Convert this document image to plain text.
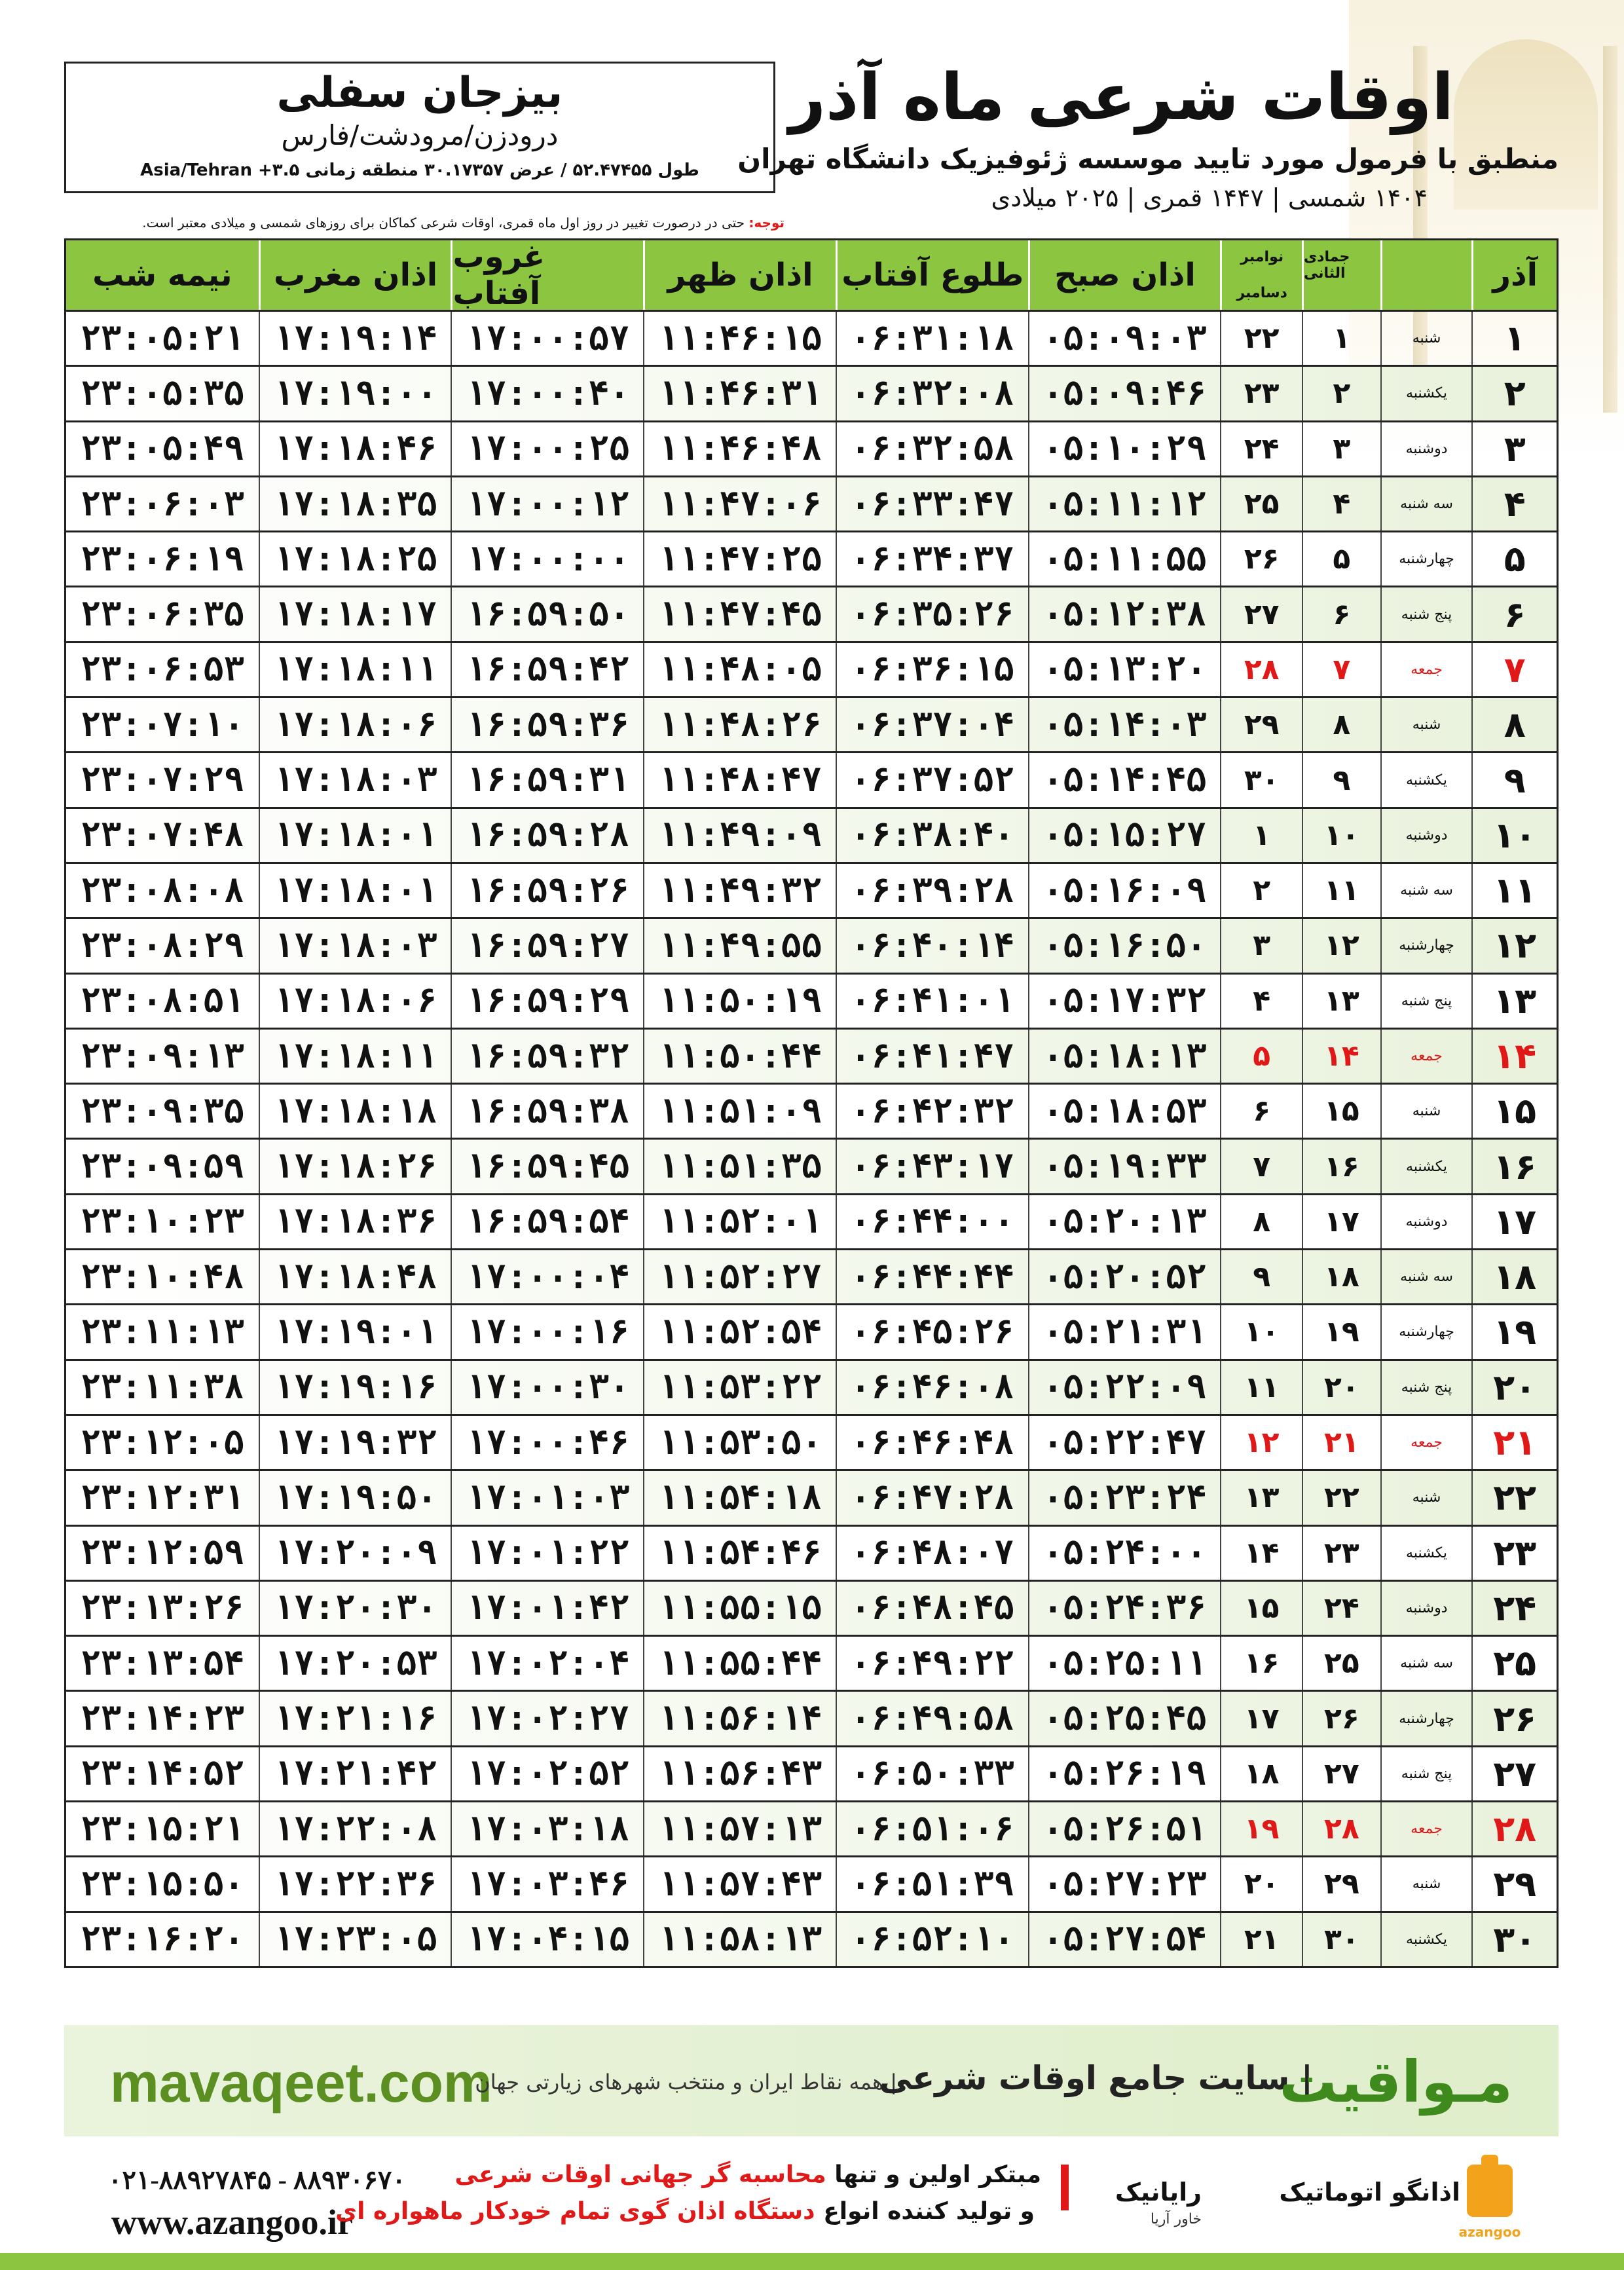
بیزجان سفلی
درودزن/مرودشت/فارس
طول ۵۲.۴۷۴۵۵ / عرض ۳۰.۱۷۳۵۷ منطقه زمانی ۳.۵+ Asia/Tehran
اوقات شرعی ماه آذر
منطبق با فرمول مورد تایید موسسه ژئوفیزیک دانشگاه تهران
۱۴۰۴ شمسی | ۱۴۴۷ قمری | ۲۰۲۵ میلادی
توجه: حتی در درصورت تغییر در روز اول ماه قمری، اوقات شرعی کماکان برای روزهای شمسی و میلادی معتبر است.
آذر
جمادی الثانی
نوامبر
دسامبر
اذان صبح
طلوع آفتاب
اذان ظهر
غروب آفتاب
اذان مغرب
نیمه شب
۱
شنبه
۱
۲۲
۰۵:۰۹:۰۳
۰۶:۳۱:۱۸
۱۱:۴۶:۱۵
۱۷:۰۰:۵۷
۱۷:۱۹:۱۴
۲۳:۰۵:۲۱
۲
یکشنبه
۲
۲۳
۰۵:۰۹:۴۶
۰۶:۳۲:۰۸
۱۱:۴۶:۳۱
۱۷:۰۰:۴۰
۱۷:۱۹:۰۰
۲۳:۰۵:۳۵
۳
دوشنبه
۳
۲۴
۰۵:۱۰:۲۹
۰۶:۳۲:۵۸
۱۱:۴۶:۴۸
۱۷:۰۰:۲۵
۱۷:۱۸:۴۶
۲۳:۰۵:۴۹
۴
سه شنبه
۴
۲۵
۰۵:۱۱:۱۲
۰۶:۳۳:۴۷
۱۱:۴۷:۰۶
۱۷:۰۰:۱۲
۱۷:۱۸:۳۵
۲۳:۰۶:۰۳
۵
چهارشنبه
۵
۲۶
۰۵:۱۱:۵۵
۰۶:۳۴:۳۷
۱۱:۴۷:۲۵
۱۷:۰۰:۰۰
۱۷:۱۸:۲۵
۲۳:۰۶:۱۹
۶
پنج شنبه
۶
۲۷
۰۵:۱۲:۳۸
۰۶:۳۵:۲۶
۱۱:۴۷:۴۵
۱۶:۵۹:۵۰
۱۷:۱۸:۱۷
۲۳:۰۶:۳۵
۷
جمعه
۷
۲۸
۰۵:۱۳:۲۰
۰۶:۳۶:۱۵
۱۱:۴۸:۰۵
۱۶:۵۹:۴۲
۱۷:۱۸:۱۱
۲۳:۰۶:۵۳
۸
شنبه
۸
۲۹
۰۵:۱۴:۰۳
۰۶:۳۷:۰۴
۱۱:۴۸:۲۶
۱۶:۵۹:۳۶
۱۷:۱۸:۰۶
۲۳:۰۷:۱۰
۹
یکشنبه
۹
۳۰
۰۵:۱۴:۴۵
۰۶:۳۷:۵۲
۱۱:۴۸:۴۷
۱۶:۵۹:۳۱
۱۷:۱۸:۰۳
۲۳:۰۷:۲۹
۱۰
دوشنبه
۱۰
۱
۰۵:۱۵:۲۷
۰۶:۳۸:۴۰
۱۱:۴۹:۰۹
۱۶:۵۹:۲۸
۱۷:۱۸:۰۱
۲۳:۰۷:۴۸
۱۱
سه شنبه
۱۱
۲
۰۵:۱۶:۰۹
۰۶:۳۹:۲۸
۱۱:۴۹:۳۲
۱۶:۵۹:۲۶
۱۷:۱۸:۰۱
۲۳:۰۸:۰۸
۱۲
چهارشنبه
۱۲
۳
۰۵:۱۶:۵۰
۰۶:۴۰:۱۴
۱۱:۴۹:۵۵
۱۶:۵۹:۲۷
۱۷:۱۸:۰۳
۲۳:۰۸:۲۹
۱۳
پنج شنبه
۱۳
۴
۰۵:۱۷:۳۲
۰۶:۴۱:۰۱
۱۱:۵۰:۱۹
۱۶:۵۹:۲۹
۱۷:۱۸:۰۶
۲۳:۰۸:۵۱
۱۴
جمعه
۱۴
۵
۰۵:۱۸:۱۳
۰۶:۴۱:۴۷
۱۱:۵۰:۴۴
۱۶:۵۹:۳۲
۱۷:۱۸:۱۱
۲۳:۰۹:۱۳
۱۵
شنبه
۱۵
۶
۰۵:۱۸:۵۳
۰۶:۴۲:۳۲
۱۱:۵۱:۰۹
۱۶:۵۹:۳۸
۱۷:۱۸:۱۸
۲۳:۰۹:۳۵
۱۶
یکشنبه
۱۶
۷
۰۵:۱۹:۳۳
۰۶:۴۳:۱۷
۱۱:۵۱:۳۵
۱۶:۵۹:۴۵
۱۷:۱۸:۲۶
۲۳:۰۹:۵۹
۱۷
دوشنبه
۱۷
۸
۰۵:۲۰:۱۳
۰۶:۴۴:۰۰
۱۱:۵۲:۰۱
۱۶:۵۹:۵۴
۱۷:۱۸:۳۶
۲۳:۱۰:۲۳
۱۸
سه شنبه
۱۸
۹
۰۵:۲۰:۵۲
۰۶:۴۴:۴۴
۱۱:۵۲:۲۷
۱۷:۰۰:۰۴
۱۷:۱۸:۴۸
۲۳:۱۰:۴۸
۱۹
چهارشنبه
۱۹
۱۰
۰۵:۲۱:۳۱
۰۶:۴۵:۲۶
۱۱:۵۲:۵۴
۱۷:۰۰:۱۶
۱۷:۱۹:۰۱
۲۳:۱۱:۱۳
۲۰
پنج شنبه
۲۰
۱۱
۰۵:۲۲:۰۹
۰۶:۴۶:۰۸
۱۱:۵۳:۲۲
۱۷:۰۰:۳۰
۱۷:۱۹:۱۶
۲۳:۱۱:۳۸
۲۱
جمعه
۲۱
۱۲
۰۵:۲۲:۴۷
۰۶:۴۶:۴۸
۱۱:۵۳:۵۰
۱۷:۰۰:۴۶
۱۷:۱۹:۳۲
۲۳:۱۲:۰۵
۲۲
شنبه
۲۲
۱۳
۰۵:۲۳:۲۴
۰۶:۴۷:۲۸
۱۱:۵۴:۱۸
۱۷:۰۱:۰۳
۱۷:۱۹:۵۰
۲۳:۱۲:۳۱
۲۳
یکشنبه
۲۳
۱۴
۰۵:۲۴:۰۰
۰۶:۴۸:۰۷
۱۱:۵۴:۴۶
۱۷:۰۱:۲۲
۱۷:۲۰:۰۹
۲۳:۱۲:۵۹
۲۴
دوشنبه
۲۴
۱۵
۰۵:۲۴:۳۶
۰۶:۴۸:۴۵
۱۱:۵۵:۱۵
۱۷:۰۱:۴۲
۱۷:۲۰:۳۰
۲۳:۱۳:۲۶
۲۵
سه شنبه
۲۵
۱۶
۰۵:۲۵:۱۱
۰۶:۴۹:۲۲
۱۱:۵۵:۴۴
۱۷:۰۲:۰۴
۱۷:۲۰:۵۳
۲۳:۱۳:۵۴
۲۶
چهارشنبه
۲۶
۱۷
۰۵:۲۵:۴۵
۰۶:۴۹:۵۸
۱۱:۵۶:۱۴
۱۷:۰۲:۲۷
۱۷:۲۱:۱۶
۲۳:۱۴:۲۳
۲۷
پنج شنبه
۲۷
۱۸
۰۵:۲۶:۱۹
۰۶:۵۰:۳۳
۱۱:۵۶:۴۳
۱۷:۰۲:۵۲
۱۷:۲۱:۴۲
۲۳:۱۴:۵۲
۲۸
جمعه
۲۸
۱۹
۰۵:۲۶:۵۱
۰۶:۵۱:۰۶
۱۱:۵۷:۱۳
۱۷:۰۳:۱۸
۱۷:۲۲:۰۸
۲۳:۱۵:۲۱
۲۹
شنبه
۲۹
۲۰
۰۵:۲۷:۲۳
۰۶:۵۱:۳۹
۱۱:۵۷:۴۳
۱۷:۰۳:۴۶
۱۷:۲۲:۳۶
۲۳:۱۵:۵۰
۳۰
یکشنبه
۳۰
۲۱
۰۵:۲۷:۵۴
۰۶:۵۲:۱۰
۱۱:۵۸:۱۳
۱۷:۰۴:۱۵
۱۷:۲۳:۰۵
۲۳:۱۶:۲۰
mavaqeet.com
| همه نقاط ایران و منتخب شهرهای زیارتی جهان
| سایت جامع اوقات شرعی
مـواقیت
۰۲۱-۸۸۹۲۷۸۴۵ - ۸۸۹۳۰۶۷۰
www.azangoo.ir
مبتکر اولین و تنها محاسبه گر جهانی اوقات شرعی
و تولید کننده انواع دستگاه اذان گوی تمام خودکار ماهواره ای
رایانیک
خاور آریا
اذانگو اتوماتیک
azangoo
